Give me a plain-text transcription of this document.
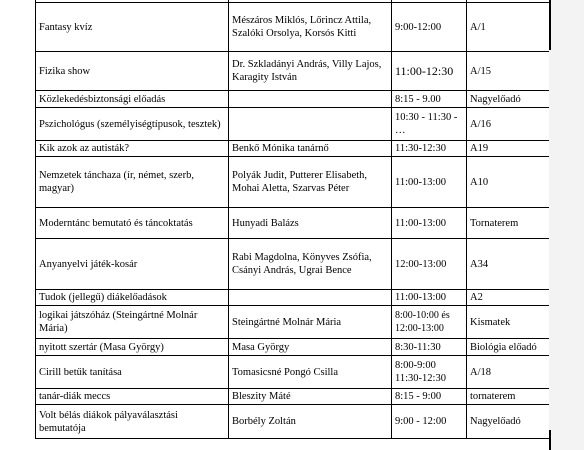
Fantasy kvíz	Mészáros Miklós, Lőrincz Attila, Szalóki Orsolya, Korsós Kitti	9:00-12:00	A/1
Fizika show	Dr. Szkladányi András, Villy Lajos, Karagity István	11:00-12:30	A/15
Közlekedésbiztonsági előadás		8:15 - 9.00	Nagyelőadó
Pszichológus (személyiségtípusok, tesztek)		10:30 - 11:30 - …	A/16
Kik azok az autisták?	Benkő Mónika tanárnő	11:30-12:30	A19
Nemzetek tánchaza (ír, német, szerb, magyar)	Polyák Judit, Putterer Elisabeth, Mohai Aletta, Szarvas Péter	11:00-13:00	A10
Moderntánc bemutató és táncoktatás	Hunyadi Balázs	11:00-13:00	Tornaterem
Anyanyelvi játék-kosár	Rabi Magdolna, Könyves Zsófia, Csányi András, Ugrai Bence	12:00-13:00	A34
Tudok (jellegű) diákelőadások		11:00-13:00	A2
logikai játszóház (Steingártné Molnár Mária)	Steingártné Molnár Mária	8:00-10:00 és 12:00-13:00	Kismatek
nyitott szertár (Masa György)	Masa György	8:30-11:30	Biológia előadó
Cirill betűk tanítása	Tomasicsné Pongó Csilla	8:00-9:00 11:30-12:30	A/18
tanár-diák meccs	Bleszity Máté	8:15 - 9:00	tornaterem
Volt bélás diákok pályaválasztási bemutatója	Borbély Zoltán	9:00 - 12:00	Nagyelőadó
